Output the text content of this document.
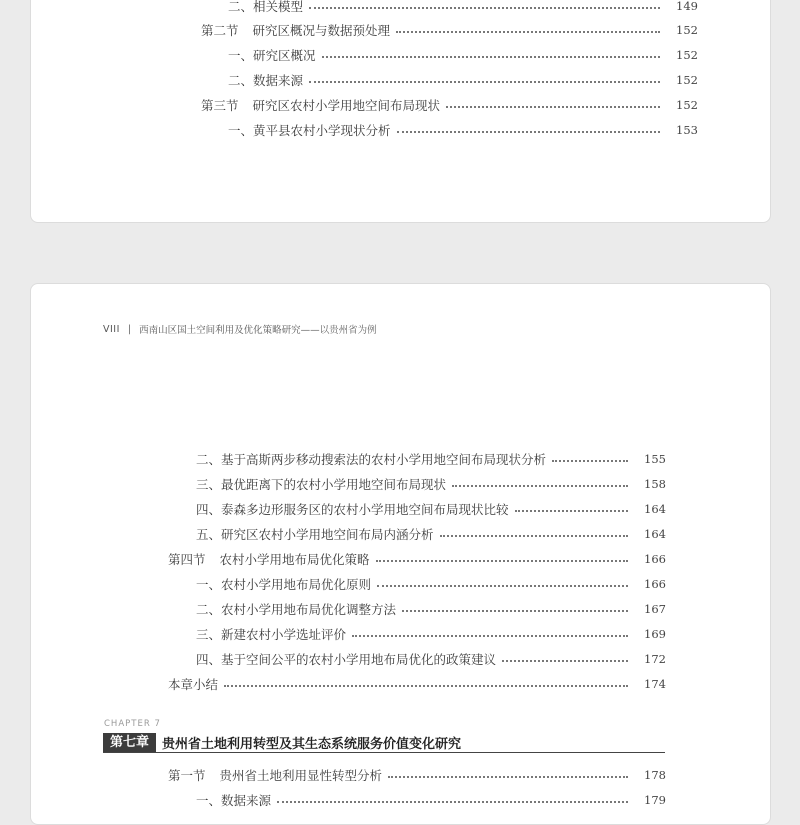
二、相关模型	149
第二节 研究区概况与数据预处理	152
一、研究区概况	152
二、数据来源	152
第三节 研究区农村小学用地空间布局现状	152
一、黄平县农村小学现状分析	153
VIII | 西南山区国土空间利用及优化策略研究 ——以贵州省为例
二、基于高斯两步移动搜索法的农村小学用地空间布局现状分析	155
三、最优距离下的农村小学用地空间布局现状	158
四、泰森多边形服务区的农村小学用地空间布局现状比较	164
五、研究区农村小学用地空间布局内涵分析	164
第四节 农村小学用地布局优化策略	166
一、农村小学用地布局优化原则	166
二、农村小学用地布局优化调整方法	167
三、新建农村小学选址评价	169
四、基于空间公平的农村小学用地布局优化的政策建议	172
本章小结	174
CHAPTER 7
第七章	贵州省土地利用转型及其生态系统服务价值变化研究
第一节 贵州省土地利用显性转型分析	178
一、数据来源	179
